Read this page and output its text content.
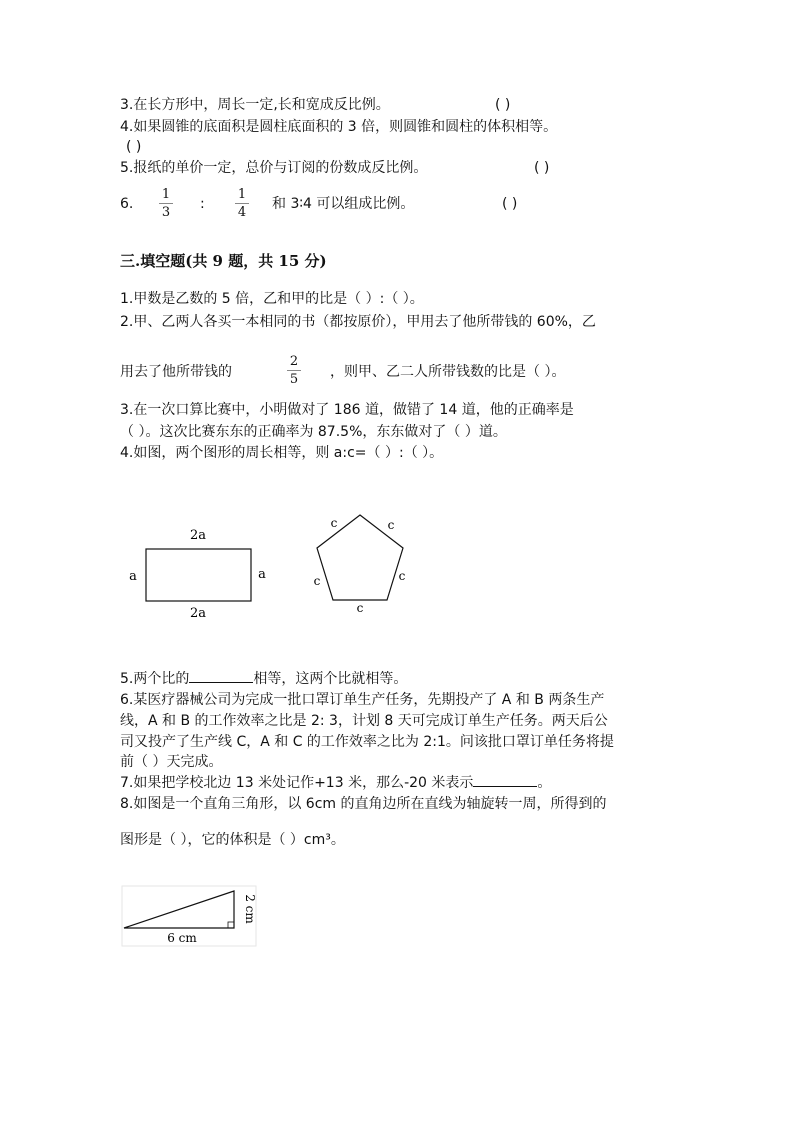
3.在长方形中，周长一定,长和宽成反比例。	( )
4.如果圆锥的底面积是圆柱底面积的 3 倍，则圆锥和圆柱的体积相等。
( )
5.报纸的单价一定，总价与订阅的份数成反比例。	( )
6.
1
3
:
1
4
和 3∶4 可以组成比例。	( )
三.填空题(共 9 题，共 15 分)
1.甲数是乙数的 5 倍，乙和甲的比是（ ）:（ ）。
2.甲、乙两人各买一本相同的书（都按原价），甲用去了他所带钱的 60%，乙
用去了他所带钱的
2
5	，则甲、乙二人所带钱数的比是（ ）。
3.在一次口算比赛中，小明做对了 186 道，做错了 14 道，他的正确率是
（ ）。这次比赛东东的正确率为 87.5%，东东做对了（ ）道。
4.如图，两个图形的周长相等，则 a:c=（ ）:（ ）。
2a
2a
a	a
c	c
c	c
c
5.两个比的	相等，这两个比就相等。
6.某医疗器械公司为完成一批口罩订单生产任务，先期投产了 A 和 B 两条生产
线，A 和 B 的工作效率之比是 2: 3，计划 8 天可完成订单生产任务。两天后公
司又投产了生产线 C，A 和 C 的工作效率之比为 2:1。问该批口罩订单任务将提
前（ ）天完成。
7.如果把学校北边 13 米处记作+13 米，那么-20 米表示	。
8.如图是一个直角三角形，以 6cm 的直角边所在直线为轴旋转一周，所得到的
图形是（ ），它的体积是（ ）cm³。
6 cm
2 cm
